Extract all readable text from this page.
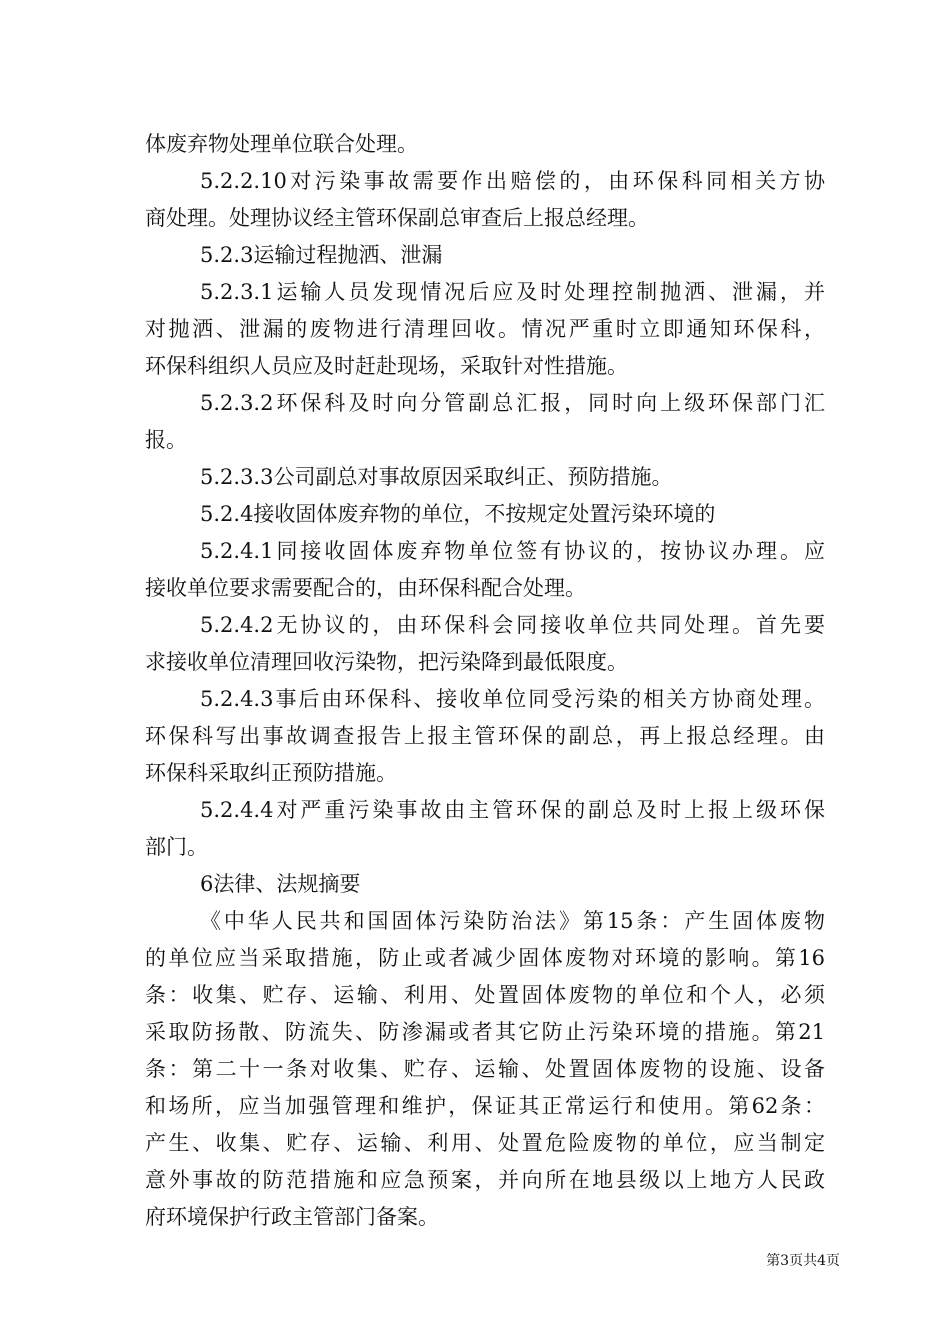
体废弃物处理单位联合处理。
5.2.2.10对污染事故需要作出赔偿的，由环保科同相关方协
商处理。处理协议经主管环保副总审查后上报总经理。
5.2.3运输过程抛洒、泄漏
5.2.3.1运输人员发现情况后应及时处理控制抛洒、泄漏，并
对抛洒、泄漏的废物进行清理回收。情况严重时立即通知环保科，
环保科组织人员应及时赶赴现场，采取针对性措施。
5.2.3.2环保科及时向分管副总汇报，同时向上级环保部门汇
报。
5.2.3.3公司副总对事故原因采取纠正、预防措施。
5.2.4接收固体废弃物的单位，不按规定处置污染环境的
5.2.4.1同接收固体废弃物单位签有协议的，按协议办理。应
接收单位要求需要配合的，由环保科配合处理。
5.2.4.2无协议的，由环保科会同接收单位共同处理。首先要
求接收单位清理回收污染物，把污染降到最低限度。
5.2.4.3事后由环保科、接收单位同受污染的相关方协商处理。
环保科写出事故调查报告上报主管环保的副总，再上报总经理。由
环保科采取纠正预防措施。
5.2.4.4对严重污染事故由主管环保的副总及时上报上级环保
部门。
6法律、法规摘要
《中华人民共和国固体污染防治法》第15条：产生固体废物
的单位应当采取措施，防止或者减少固体废物对环境的影响。第16
条：收集、贮存、运输、利用、处置固体废物的单位和个人，必须
采取防扬散、防流失、防渗漏或者其它防止污染环境的措施。第21
条：第二十一条对收集、贮存、运输、处置固体废物的设施、设备
和场所，应当加强管理和维护，保证其正常运行和使用。第62条：
产生、收集、贮存、运输、利用、处置危险废物的单位，应当制定
意外事故的防范措施和应急预案，并向所在地县级以上地方人民政
府环境保护行政主管部门备案。
第3页共4页
